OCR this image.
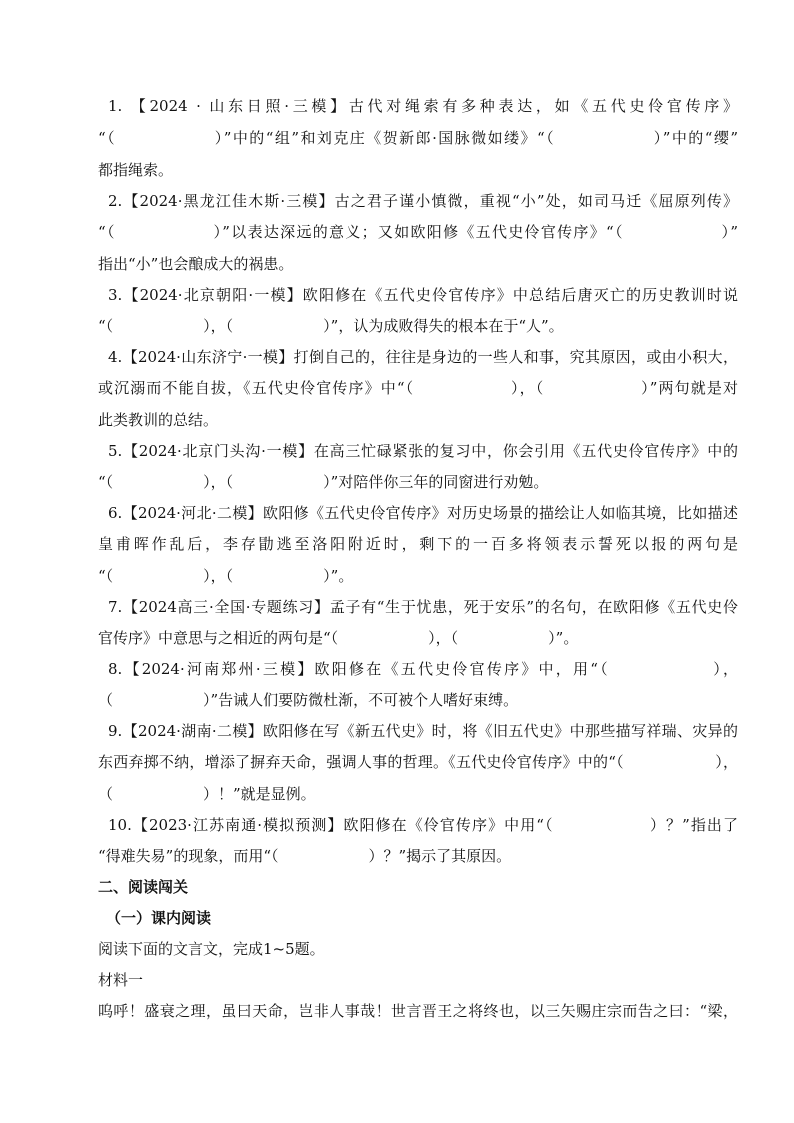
1. 【2024 · 山东日照·三模】古代对绳索有多种表达，如《五代史伶官传序》
“（　　　　　　）”中的“组”和刘克庄《贺新郎·国脉微如缕》“（　　　　　　）”中的“缨”
都指绳索。
2.【2024·黑龙江佳木斯·三模】古之君子谨小慎微，重视“小”处，如司马迁《屈原列传》
“（　　　　　　）”以表达深远的意义；又如欧阳修《五代史伶官传序》“（　　　　　　）”
指出“小”也会酿成大的祸患。
3.【2024·北京朝阳·一模】欧阳修在《五代史伶官传序》中总结后唐灭亡的历史教训时说
“（　　　　　　），（　　　　　　）”，认为成败得失的根本在于“人”。
4.【2024·山东济宁·一模】打倒自己的，往往是身边的一些人和事，究其原因，或由小积大，
或沉溺而不能自拔，《五代史伶官传序》中“（　　　　　　），（　　　　　　）”两句就是对
此类教训的总结。
5.【2024·北京门头沟·一模】在高三忙碌紧张的复习中，你会引用《五代史伶官传序》中的
“（　　　　　　），（　　　　　　）”对陪伴你三年的同窗进行劝勉。
6.【2024·河北·二模】欧阳修《五代史伶官传序》对历史场景的描绘让人如临其境，比如描述
皇甫晖作乱后，李存勖逃至洛阳附近时，剩下的一百多将领表示誓死以报的两句是
“（　　　　　　），（　　　　　　）”。
7.【2024高三·全国·专题练习】孟子有“生于忧患，死于安乐”的名句，在欧阳修《五代史伶
官传序》中意思与之相近的两句是“（　　　　　　），（　　　　　　）”。
8.【2024·河南郑州·三模】欧阳修在《五代史伶官传序》中，用“（　　　　　　），
（　　　　　　）”告诫人们要防微杜渐，不可被个人嗜好束缚。
9.【2024·湖南·二模】欧阳修在写《新五代史》时，将《旧五代史》中那些描写祥瑞、灾异的
东西弃掷不纳，增添了摒弃天命，强调人事的哲理。《五代史伶官传序》中的“（　　　　　　），
（　　　　　　）！”就是显例。
10.【2023·江苏南通·模拟预测】欧阳修在《伶官传序》中用“（　　　　　　）？”指出了
“得难失易”的现象，而用“（　　　　　　）？”揭示了其原因。
二、阅读闯关
（一）课内阅读
阅读下面的文言文，完成1~5题。
材料一
呜呼！盛衰之理，虽曰天命，岂非人事哉！世言晋王之将终也，以三矢赐庄宗而告之曰：“梁，
